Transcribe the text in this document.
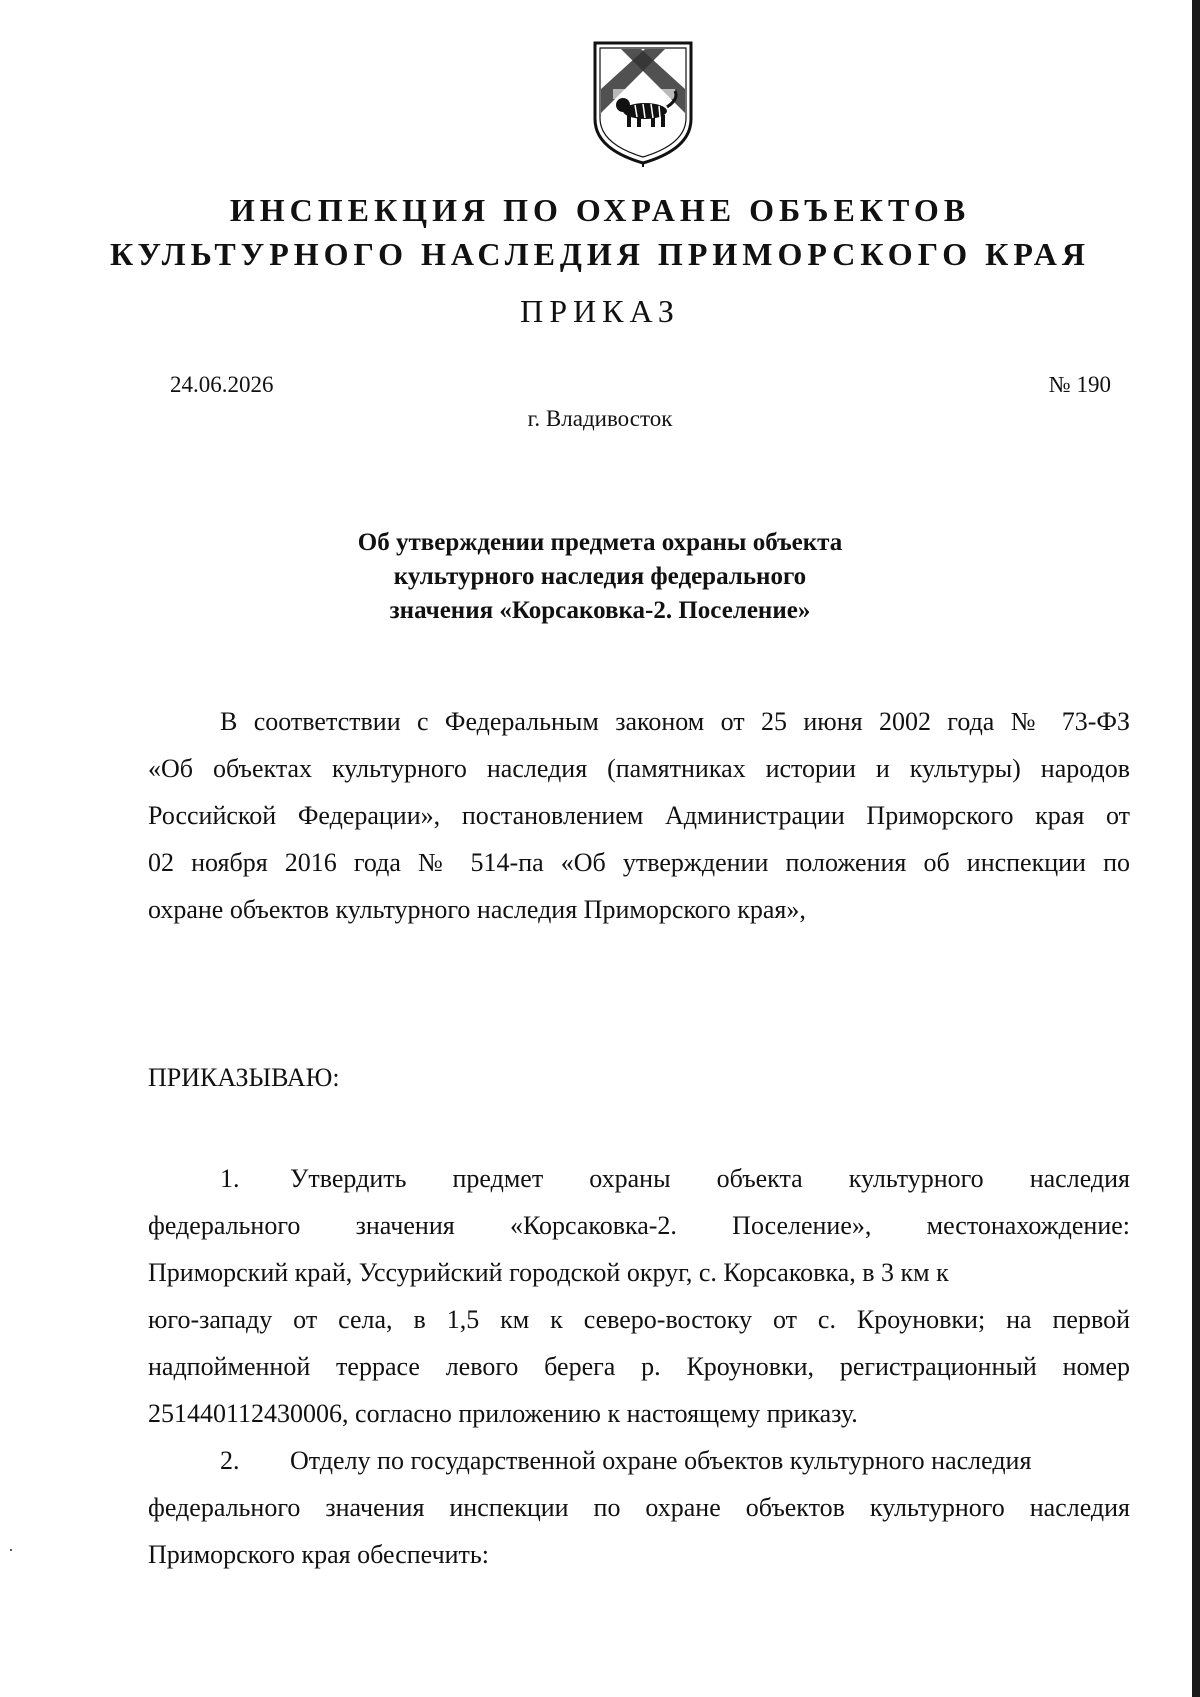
ИНСПЕКЦИЯ ПО ОХРАНЕ ОБЪЕКТОВ
КУЛЬТУРНОГО НАСЛЕДИЯ ПРИМОРСКОГО КРАЯ
ПРИКАЗ
24.06.2026	№ 190
г. Владивосток
Об утверждении предмета охраны объекта
культурного наследия федерального
значения «Корсаковка-2. Поселение»
В соответствии с Федеральным законом от 25 июня 2002 года № 73-ФЗ
«Об объектах культурного наследия (памятниках истории и культуры) народов
Российской Федерации», постановлением Администрации Приморского края от
02 ноября 2016 года № 514-па «Об утверждении положения об инспекции по
охране объектов культурного наследия Приморского края»,
ПРИКАЗЫВАЮ:
1. Утвердить предмет охраны объекта культурного наследия
федерального значения «Корсаковка-2. Поселение», местонахождение:
Приморский край, Уссурийский городской округ, с. Корсаковка, в 3 км к
юго-западу от села, в 1,5 км к северо-востоку от с. Кроуновки; на первой
надпойменной террасе левого берега р. Кроуновки, регистрационный номер
251440112430006, согласно приложению к настоящему приказу.
2. Отделу по государственной охране объектов культурного наследия
федерального значения инспекции по охране объектов культурного наследия
Приморского края обеспечить:
